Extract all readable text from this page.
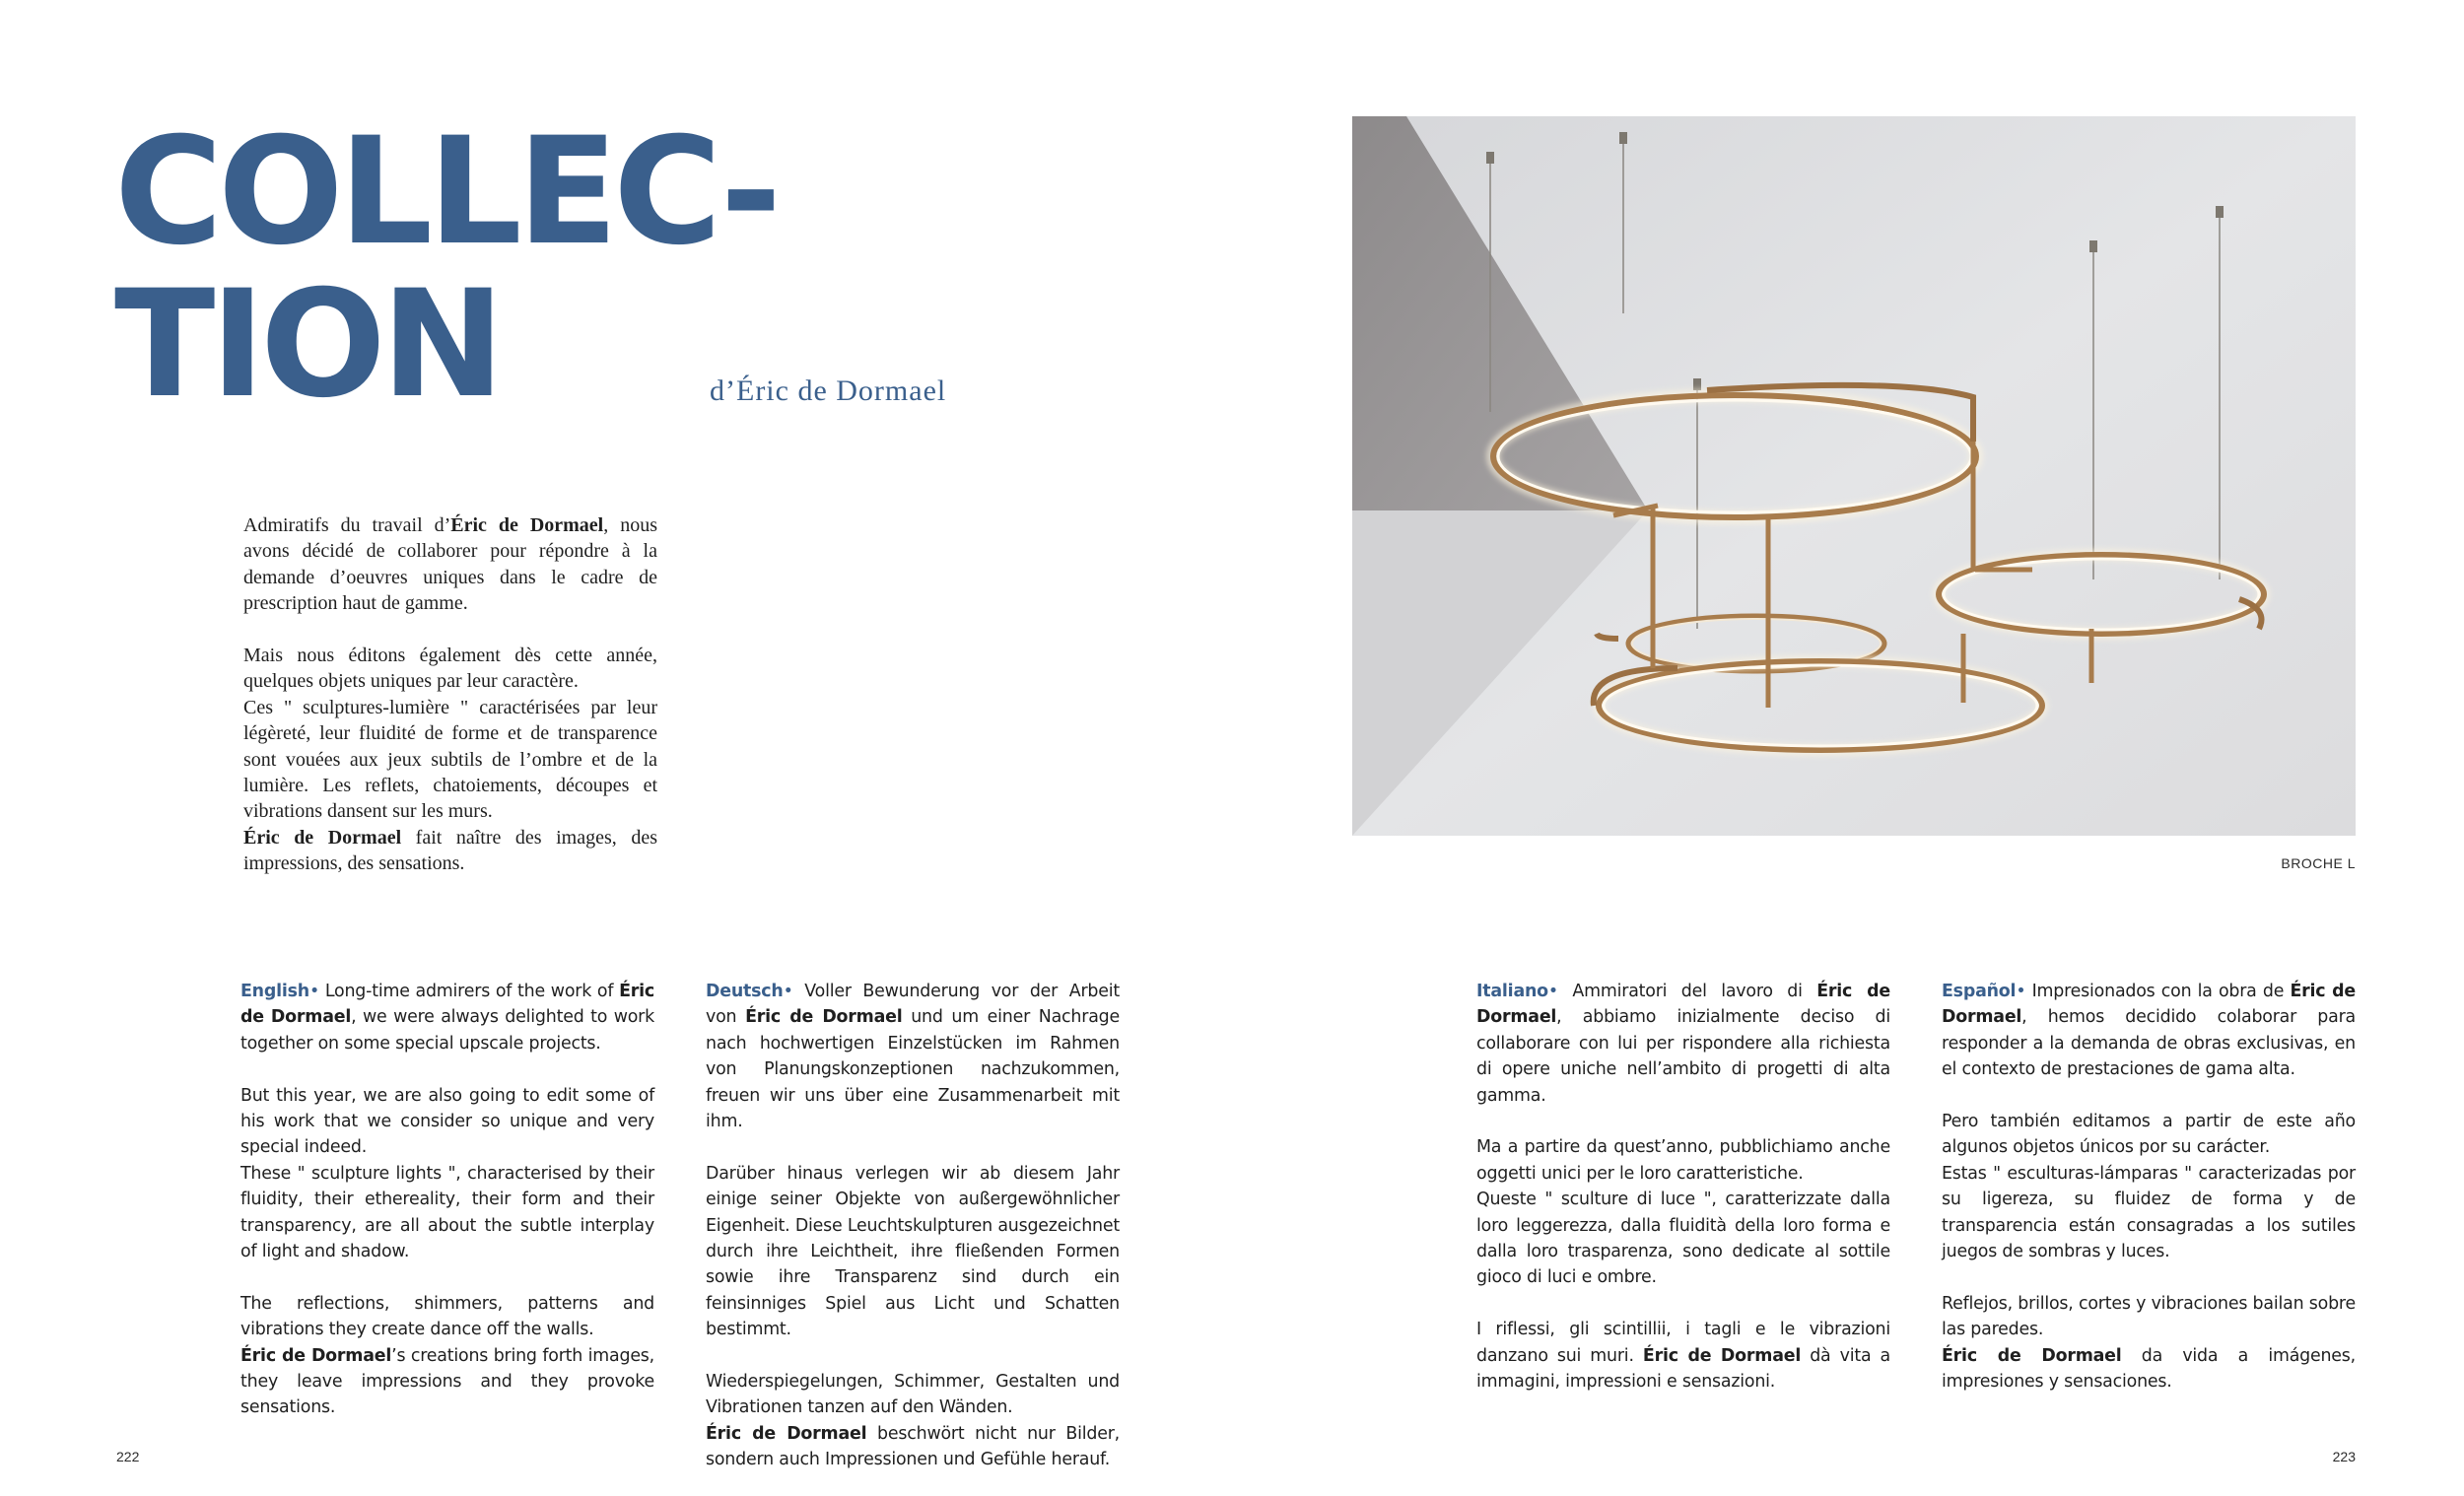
COLLEC-
TION	d’Éric de Dormael

Admiratifs du travail d’Éric de Dormael, nous avons décidé de collaborer pour répondre à la demande d’oeuvres uniques dans le cadre de prescription haut de gamme.

Mais nous éditons également dès cette année, quelques objets uniques par leur caractère.

Ces " sculptures-lumière " caractérisées par leur légèreté, leur fluidité de forme et de transparence sont vouées aux jeux subtils de l’ombre et de la lumière. Les reflets, chatoiements, découpes et vibrations dansent sur les murs.

Éric de Dormael fait naître des images, des impressions, des sensations.	BROCHE L

English• Long-time admirers of the work of Éric de Dormael, we were always delighted to work together on some special upscale projects.

But this year, we are also going to edit some of his work that we consider so unique and very special indeed.

These " sculpture lights ", characterised by their fluidity, their ethereality, their form and their transparency, are all about the subtle interplay of light and shadow.

The reflections, shimmers, patterns and vibrations they create dance off the walls.

Éric de Dormael’s creations bring forth images, they leave impressions and they provoke sensations.

Deutsch• Voller Bewunderung vor der Arbeit von Éric de Dormael und um einer Nachrage nach hochwertigen Einzelstücken im Rahmen von Planungskonzeptionen nachzukommen, freuen wir uns über eine Zusammenarbeit mit ihm.

Darüber hinaus verlegen wir ab diesem Jahr einige seiner Objekte von außergewöhnlicher Eigenheit. Diese Leuchtskulpturen ausgezeichnet durch ihre Leichtheit, ihre fließenden Formen sowie ihre Transparenz sind durch ein feinsinniges Spiel aus Licht und Schatten bestimmt.

Wiederspiegelungen, Schimmer, Gestalten und Vibrationen tanzen auf den Wänden.

Éric de Dormael beschwört nicht nur Bilder, sondern auch Impressionen und Gefühle herauf.

Italiano• Ammiratori del lavoro di Éric de Dormael, abbiamo inizialmente deciso di collaborare con lui per rispondere alla richiesta di opere uniche nell’ambito di progetti di alta gamma.

Ma a partire da quest’anno, pubblichiamo anche oggetti unici per le loro caratteristiche.

Queste " sculture di luce ", caratterizzate dalla loro leggerezza, dalla fluidità della loro forma e dalla loro trasparenza, sono dedicate al sottile gioco di luci e ombre.

I riflessi, gli scintillii, i tagli e le vibrazioni danzano sui muri. Éric de Dormael dà vita a immagini, impressioni e sensazioni.

Español• Impresionados con la obra de Éric de Dormael, hemos decidido colaborar para responder a la demanda de obras exclusivas, en el contexto de prestaciones de gama alta.

Pero también editamos a partir de este año algunos objetos únicos por su carácter.

Estas " esculturas-lámparas " caracterizadas por su ligereza, su fluidez de forma y de transparencia están consagradas a los sutiles juegos de sombras y luces.

Reflejos, brillos, cortes y vibraciones bailan sobre las paredes.

Éric de Dormael da vida a imágenes, impresiones y sensaciones.

222	223
